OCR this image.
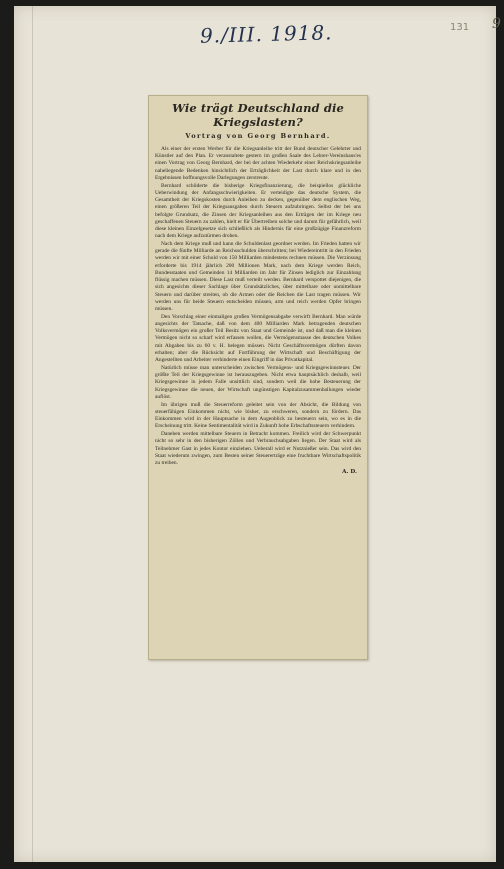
9./III. 1918.	131 9
Wie trägt Deutschland die Kriegslasten?
Vortrag von Georg Bernhard.

Als einer der ersten Werber für die Kriegsanleihe tritt der Bund deutscher Gelehrter und Künstler auf den Plan. Er veranstaltete gestern im großen Saale des Lehrer-Vereinshaus'es einen Vortrag von Georg Bernhard, der bei der achten Wiederkehr einer Reichskriegsanleihe naheliegende Bedenken hinsichtlich der Erträglichkeit der Last durch klare und in den Ergebnissen hoffnungsvolle Darlegungen zerstreute.

Bernhard schilderte die bisherige Kriegsfinanzierung, die beispiellos glückliche Ueberwindung der Anfangsschwierigkeiten. Er verteidigte das deutsche System, die Gesamtheit der Kriegskosten durch Anleihen zu decken, gegenüber dem englischen Weg, einen größeren Teil der Kriegsausgaben durch Steuern aufzubringen. Selbst der bei uns befolgte Grundsatz, die Zinsen der Kriegsanleihen aus den Erträgen der im Kriege neu geschaffenen Steuern zu zahlen, hielt er für Übertreiben solche und darum für gefährlich, weil diese kleinen Einzelgesetze sich schließlich als Hindernis für eine großzügige Finanzreform nach dem Kriege aufzutürmen drohen.

Nach dem Kriege muß und kann die Schuldenlast geordnet werden. Im Frieden hatten wir gerade die fünfte Milliarde an Reichsschulden überschritten; bei Wiedereintritt in den Frieden werden wir mit einer Schuld von 150 Milliarden mindestens rechnen müssen. Die Verzinsung erforderte bis 1914 jährlich 200 Millionen Mark, nach dem Kriege werden Reich, Bundesstaaten und Gemeinden 14 Milliarden im Jahr für Zinsen lediglich zur Einzahlung flüssig machen müssen. Diese Last muß verteilt werden. Bernhard verspottet diejenigen, die sich angesichts dieser Sachlage über Grundsätzliches, über mittelbare oder unmittelbare Steuern und darüber streiten, ob die Armen oder die Reichen die Last tragen müssen. Wir werden uns für beide Steuern entscheiden müssen, arm und reich werden Opfer bringen müssen.

Den Vorschlag einer einmaligen großen Vermögensabgabe verwirft Bernhard. Man würde angesichts der Tatsache, daß von dem 400 Milliarden Mark betragenden deutschen Volksvermögen ein großer Teil Besitz von Staat und Gemeinde ist, und daß man die kleinen Vermögen nicht so scharf wird erfassen wollen, die Vermögensmasse des deutschen Volkes mit Abgaben bis zu 60 v. H. belegen müssen. Nicht Geschäftsvermögen dürften davon erhalten; aber die Rücksicht auf Fortführung der Wirtschaft und Beschäftigung der Angestellten und Arbeiter verhinderte einen Eingriff in das Privatkapital.

Natürlich müsse man unterscheiden zwischen Vermögens- und Kriegsgewinnsteuer. Der größte Teil der Kriegsgewinne ist herauszugeben. Nicht etwa hauptsächlich deshalb, weil Kriegsgewinne in jedem Falle unsittlich sind, sondern weil die hohe Besteuerung der Kriegsgewinne die neuen, der Wirtschaft ungünstigen Kapitalzusammenballungen wieder auflöst.

Im übrigen muß die Steuerreform geleitet sein von der Absicht, die Bildung von steuerfähigen Einkommen nicht, wie bisher, zu erschweren, sondern zu fördern. Das Einkommen wird in der Hauptsache in dem Augenblick zu besteuern sein, wo es in die Erscheinung tritt. Keine Sentimentalität wird in Zukunft hohe Erbschaftssteuern verhindern.

Daneben werden mittelbare Steuern in Betracht kommen. Freilich wird der Schwerpunkt nicht so sehr in den bisherigen Zöllen und Verbrauchsabgaben liegen. Der Staat wird als Teilnehmer Gast in jedes Kontor einziehen. Ueberall wird er Nutznießer sein. Das wird den Staat wiederum zwingen, zum Besten seiner Steuererträge eine fruchtbare Wirtschaftspolitik zu treiben.

A. D.
